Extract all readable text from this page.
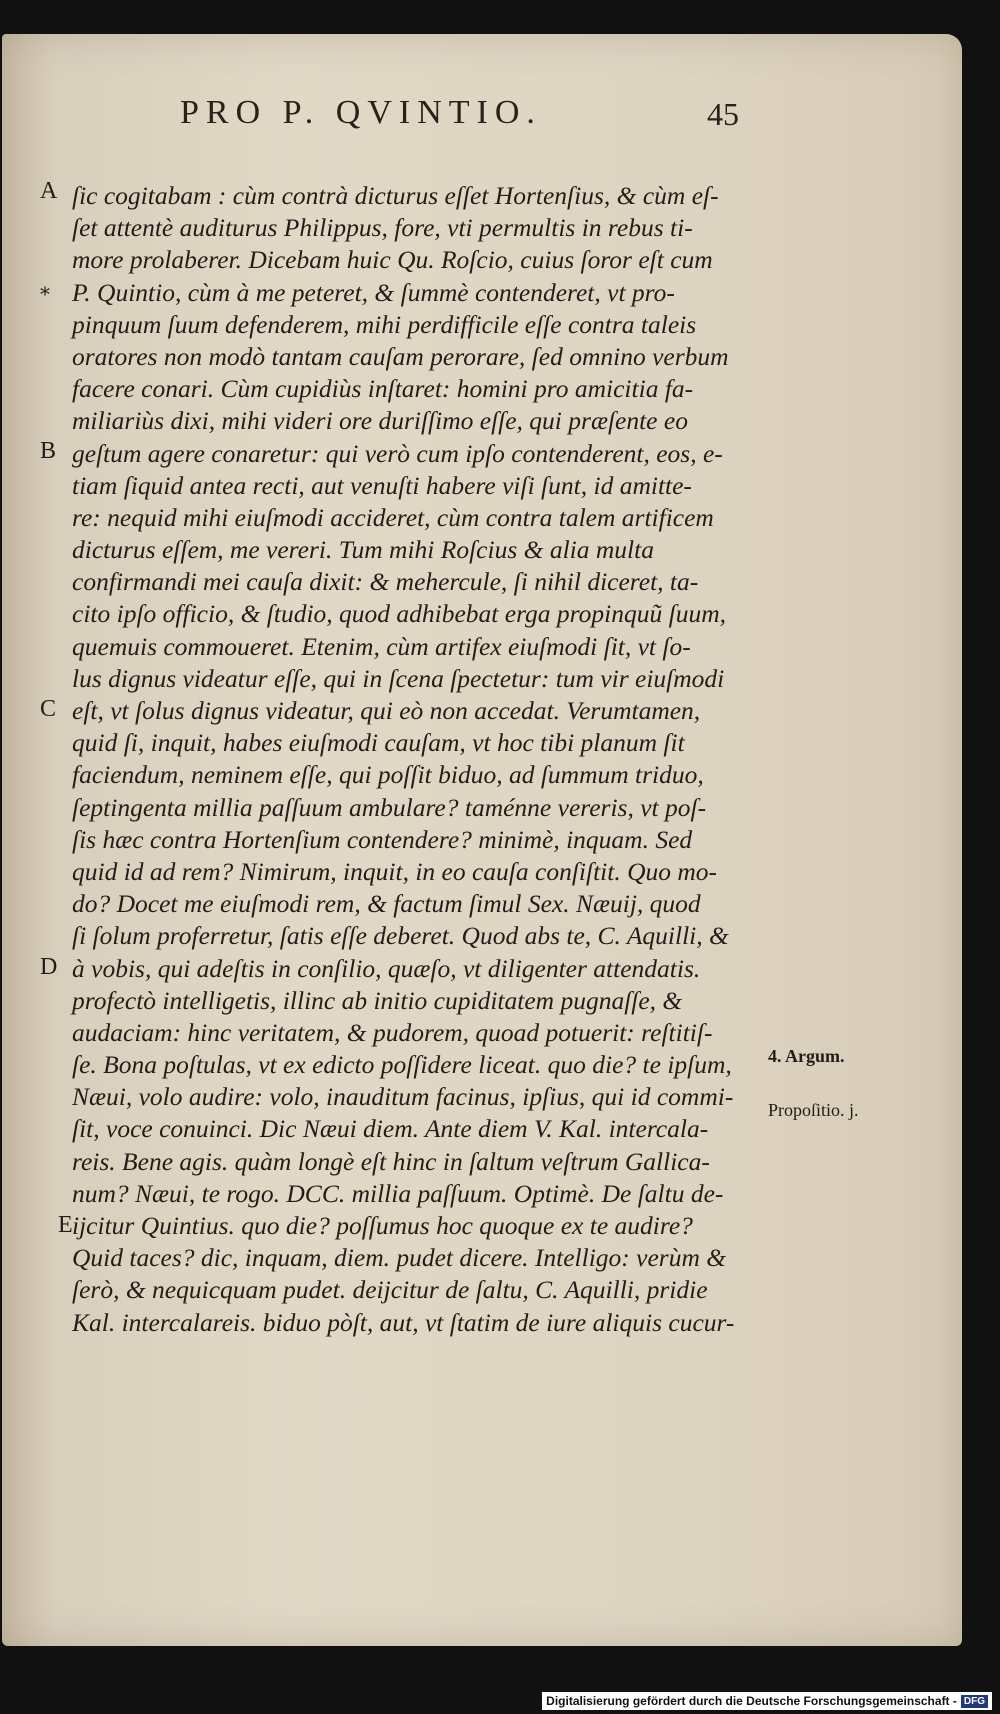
PRO P. QVINTIO.	45
A
⁎
B
C
D
E
ſic cogitabam : cùm contrà dicturus eſſet Hortenſius, & cùm eſ-
ſet attentè auditurus Philippus, fore, vti permultis in rebus ti-
more prolaberer. Dicebam huic Qu. Roſcio, cuius ſoror eſt cum
P. Quintio, cùm à me peteret, & ſummè contenderet, vt pro-
pinquum ſuum defenderem, mihi perdifficile eſſe contra taleis
oratores non modò tantam cauſam perorare, ſed omnino verbum
facere conari. Cùm cupidiùs inſtaret: homini pro amicitia fa-
miliariùs dixi, mihi videri ore duriſſimo eſſe, qui præſente eo
geſtum agere conaretur: qui verò cum ipſo contenderent, eos, e-
tiam ſiquid antea recti, aut venuſti habere viſi ſunt, id amitte-
re: nequid mihi eiuſmodi accideret, cùm contra talem artificem
dicturus eſſem, me vereri. Tum mihi Roſcius & alia multa
confirmandi mei cauſa dixit: & mehercule, ſi nihil diceret, ta-
cito ipſo officio, & ſtudio, quod adhibebat erga propinquũ ſuum,
quemuis commoueret. Etenim, cùm artifex eiuſmodi ſit, vt ſo-
lus dignus videatur eſſe, qui in ſcena ſpectetur: tum vir eiuſmodi
eſt, vt ſolus dignus videatur, qui eò non accedat. Verumtamen,
quid ſi, inquit, habes eiuſmodi cauſam, vt hoc tibi planum ſit
faciendum, neminem eſſe, qui poſſit biduo, ad ſummum triduo,
ſeptingenta millia paſſuum ambulare? taménne vereris, vt poſ-
ſis hæc contra Hortenſium contendere? minimè, inquam. Sed
quid id ad rem? Nimirum, inquit, in eo cauſa conſiſtit. Quo mo-
do? Docet me eiuſmodi rem, & factum ſimul Sex. Næuij, quod
ſi ſolum proferretur, ſatis eſſe deberet. Quod abs te, C. Aquilli, &
à vobis, qui adeſtis in conſilio, quæſo, vt diligenter attendatis.
profectò intelligetis, illinc ab initio cupiditatem pugnaſſe, &
audaciam: hinc veritatem, & pudorem, quoad potuerit: reſtitiſ-
ſe. Bona poſtulas, vt ex edicto poſſidere liceat. quo die? te ipſum,
Næui, volo audire: volo, inauditum facinus, ipſius, qui id commi-
ſit, voce conuinci. Dic Næui diem. Ante diem V. Kal. intercala-
reis. Bene agis. quàm longè eſt hinc in ſaltum veſtrum Gallica-
num? Næui, te rogo. DCC. millia paſſuum. Optimè. De ſaltu de-
ijcitur Quintius. quo die? poſſumus hoc quoque ex te audire?
Quid taces? dic, inquam, diem. pudet dicere. Intelligo: verùm &
ſerò, & nequicquam pudet. deijcitur de ſaltu, C. Aquilli, pridie
Kal. intercalareis. biduo pòſt, aut, vt ſtatim de iure aliquis cucur-
4. Argum.
Propoſitio. j.
Digitalisierung gefördert durch die Deutsche Forschungsgemeinschaft - DFG
